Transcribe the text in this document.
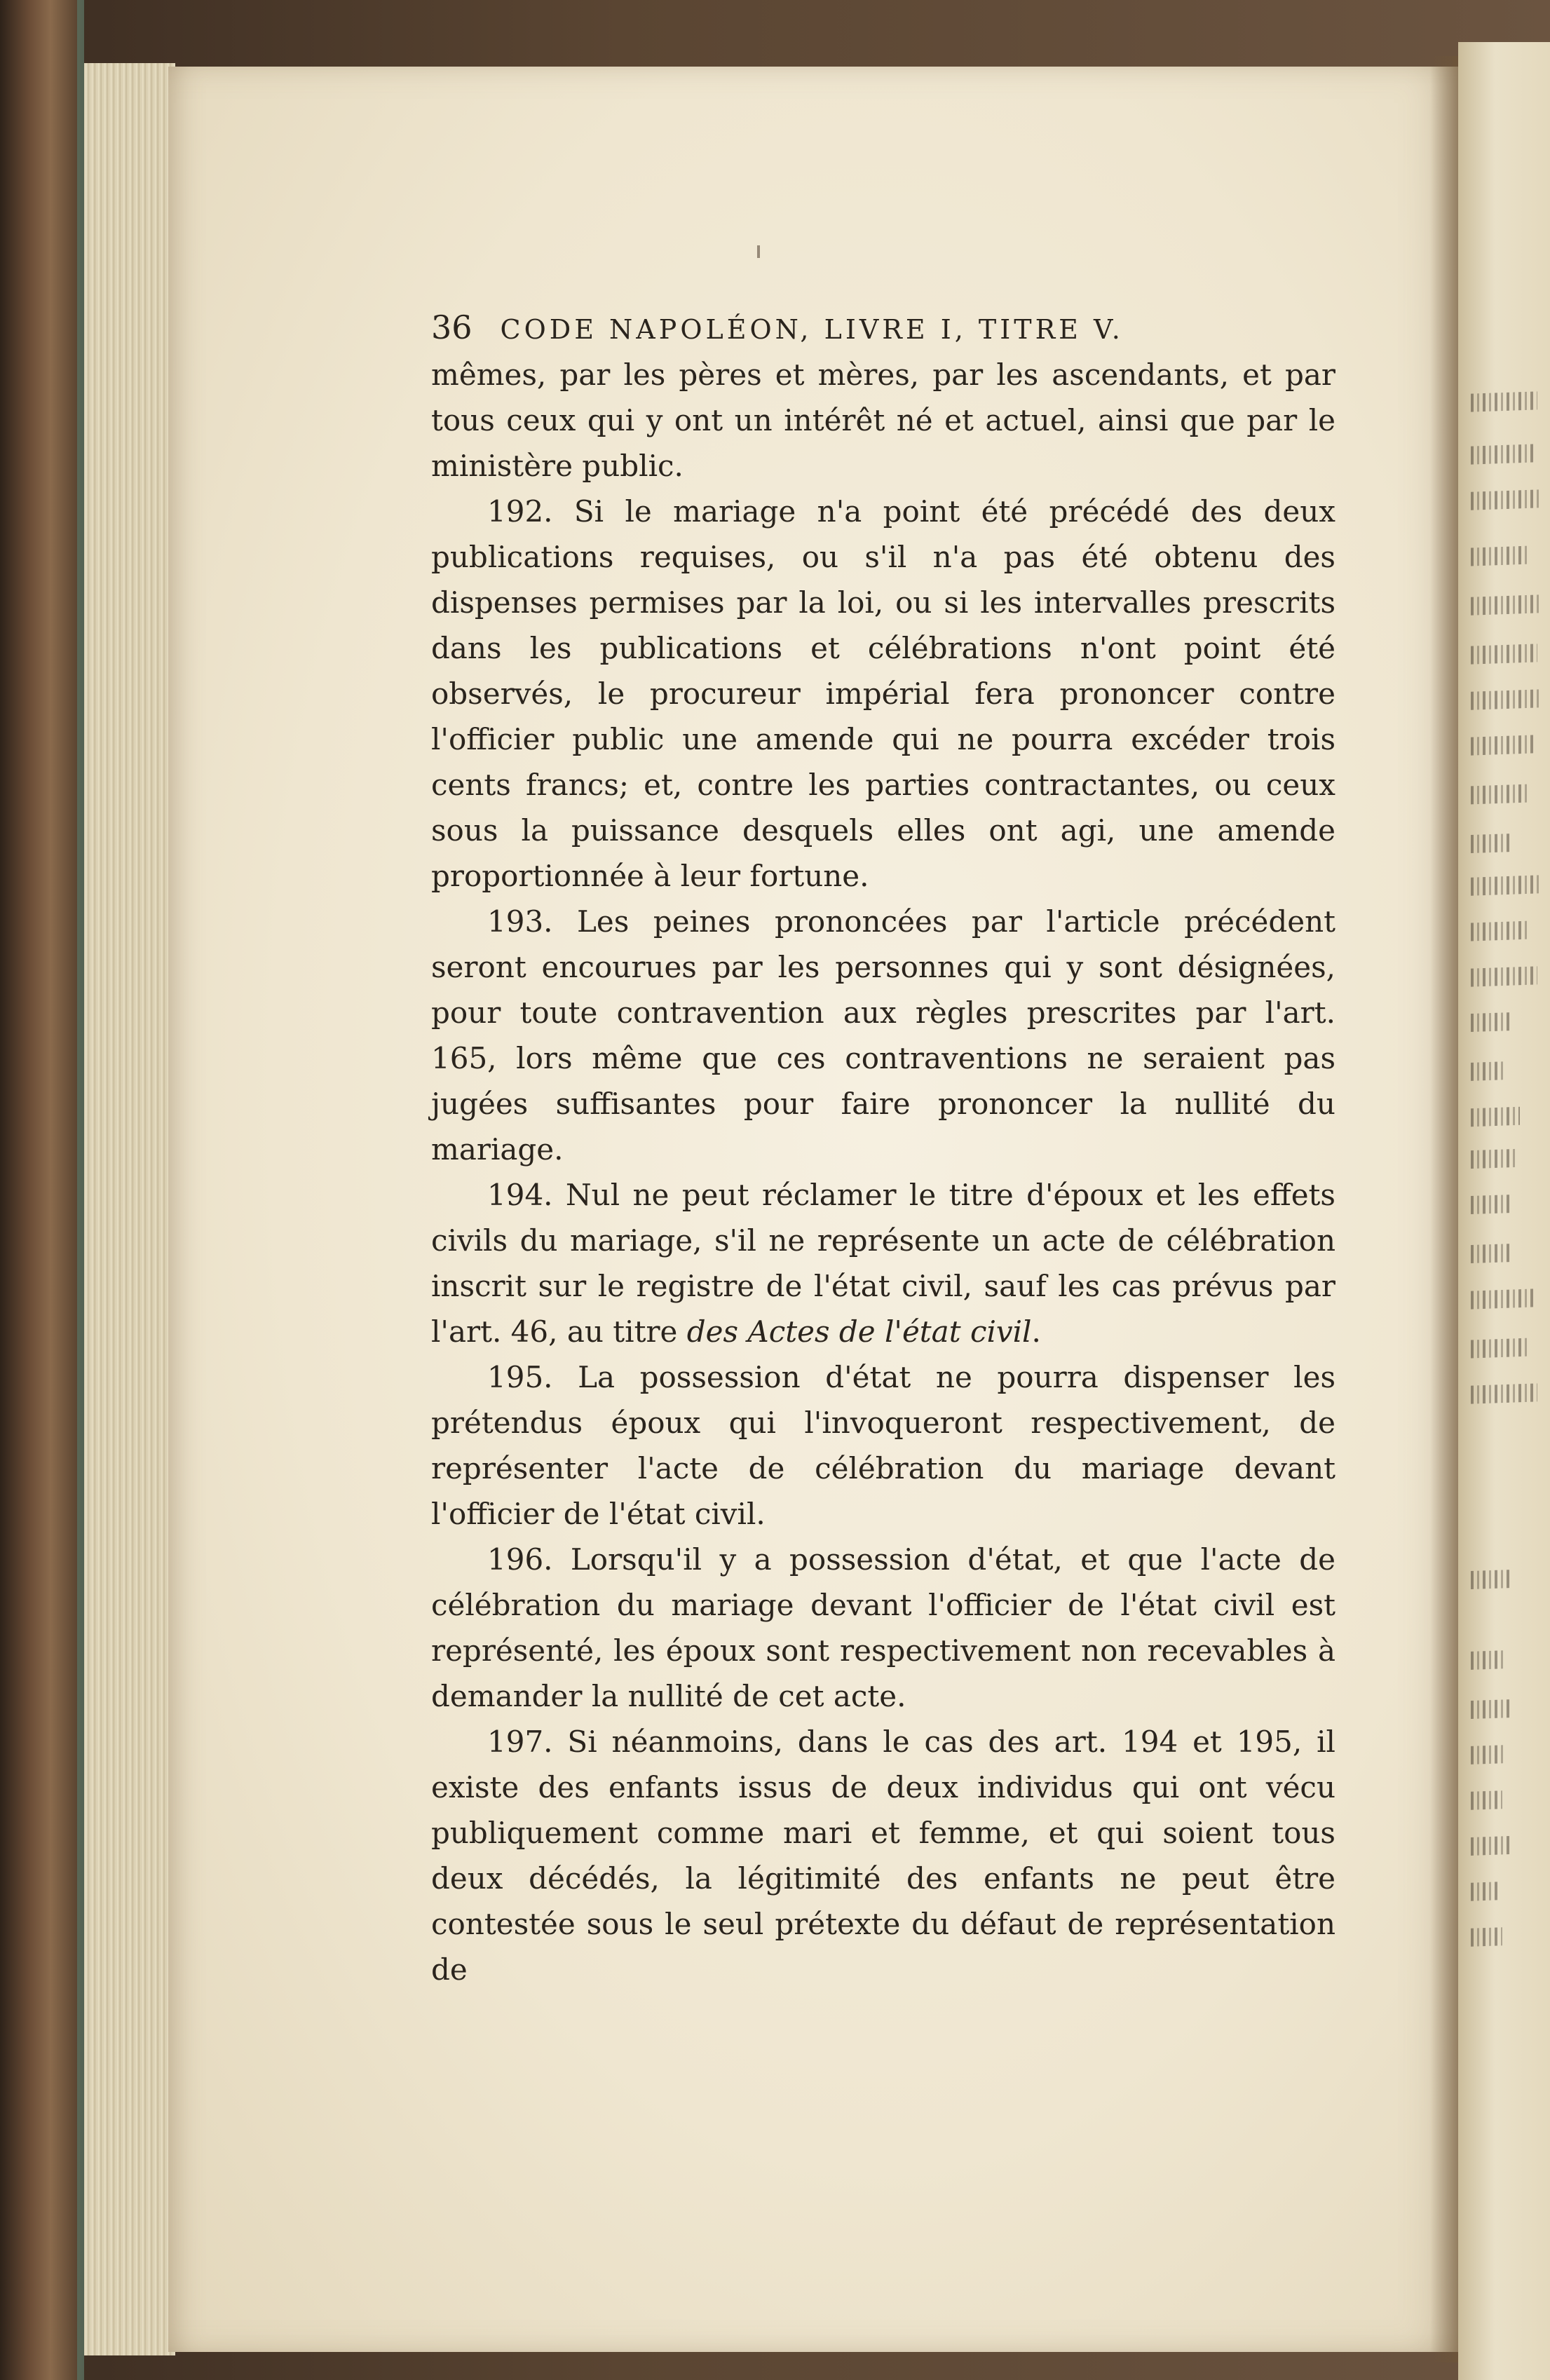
36 CODE NAPOLÉON, LIVRE I, TITRE V.

mêmes, par les pères et mères, par les ascendants, et par tous ceux qui y ont un intérêt né et actuel, ainsi que par le ministère public.

192. Si le mariage n'a point été précédé des deux publications requises, ou s'il n'a pas été obtenu des dispenses permises par la loi, ou si les intervalles prescrits dans les publications et célébrations n'ont point été observés, le procureur impérial fera prononcer contre l'officier public une amende qui ne pourra excéder trois cents francs; et, contre les parties contractantes, ou ceux sous la puissance desquels elles ont agi, une amende proportionnée à leur fortune.

193. Les peines prononcées par l'article précédent seront encourues par les personnes qui y sont désignées, pour toute contravention aux règles prescrites par l'art. 165, lors même que ces contraventions ne seraient pas jugées suffisantes pour faire prononcer la nullité du mariage.

194. Nul ne peut réclamer le titre d'époux et les effets civils du mariage, s'il ne représente un acte de célébration inscrit sur le registre de l'état civil, sauf les cas prévus par l'art. 46, au titre des Actes de l'état civil.

195. La possession d'état ne pourra dispenser les prétendus époux qui l'invoqueront respectivement, de représenter l'acte de célébration du mariage devant l'officier de l'état civil.

196. Lorsqu'il y a possession d'état, et que l'acte de célébration du mariage devant l'officier de l'état civil est représenté, les époux sont respectivement non recevables à demander la nullité de cet acte.

197. Si néanmoins, dans le cas des art. 194 et 195, il existe des enfants issus de deux individus qui ont vécu publiquement comme mari et femme, et qui soient tous deux décédés, la légitimité des enfants ne peut être contestée sous le seul prétexte du défaut de représentation de
